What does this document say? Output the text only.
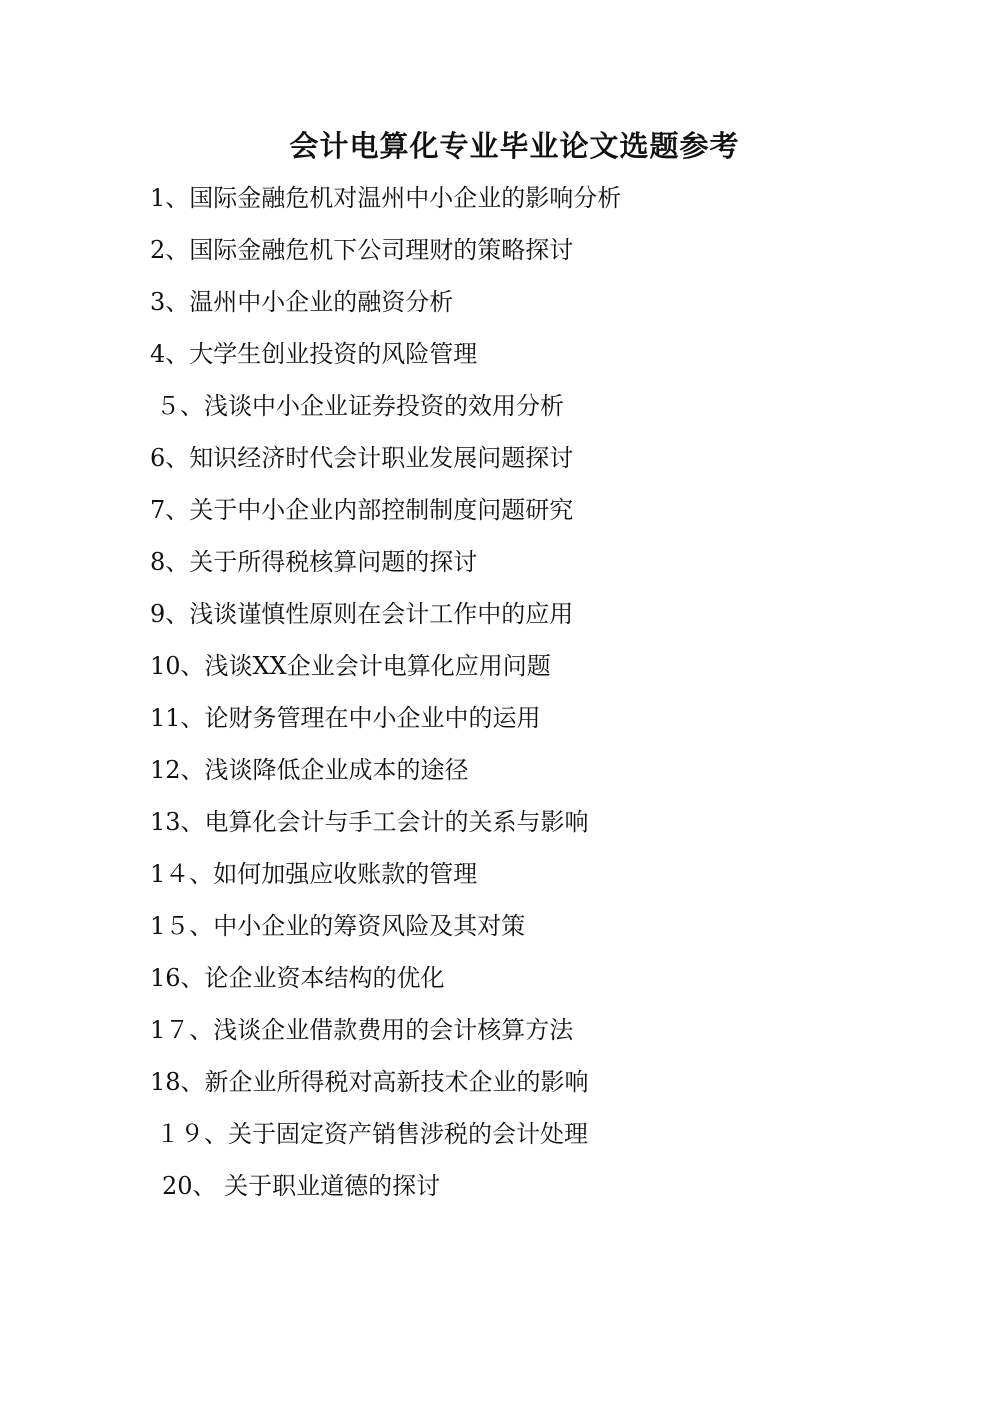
会计电算化专业毕业论文选题参考
1、国际金融危机对温州中小企业的影响分析
2、国际金融危机下公司理财的策略探讨
3、温州中小企业的融资分析
4、大学生创业投资的风险管理
５、浅谈中小企业证券投资的效用分析
6、知识经济时代会计职业发展问题探讨
7、关于中小企业内部控制制度问题研究
8、关于所得税核算问题的探讨
9、浅谈谨慎性原则在会计工作中的应用
10、浅谈XX企业会计电算化应用问题
11、论财务管理在中小企业中的运用
12、浅谈降低企业成本的途径
13、电算化会计与手工会计的关系与影响
1４、如何加强应收账款的管理
1５、中小企业的筹资风险及其对策
16、论企业资本结构的优化
1７、浅谈企业借款费用的会计核算方法
18、新企业所得税对高新技术企业的影响
１９、关于固定资产销售涉税的会计处理
20、 关于职业道德的探讨
